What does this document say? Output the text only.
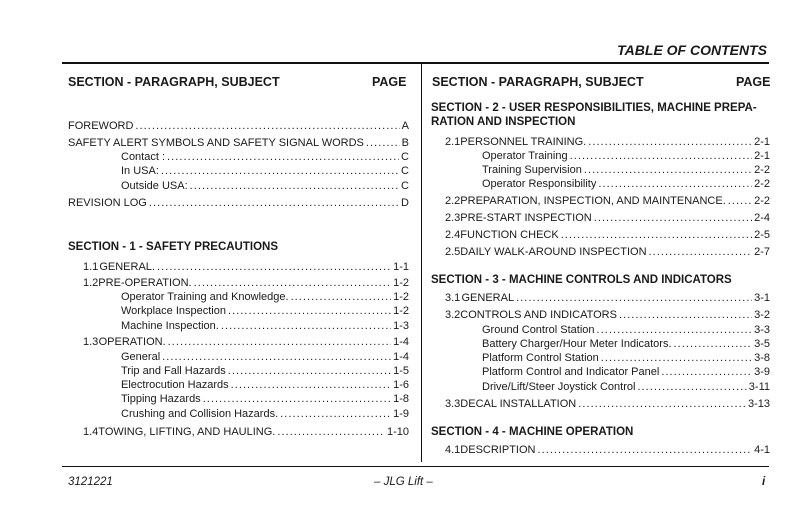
TABLE OF CONTENTS
SECTION - PARAGRAPH, SUBJECT	PAGE
FOREWORD . . .	A
SAFETY ALERT SYMBOLS AND SAFETY SIGNAL WORDS . . .	B
Contact : . . .	C
In USA: . . .	C
Outside USA: . . .	C
REVISION LOG . . .	D
SECTION - 1 - SAFETY PRECAUTIONS
1.1 GENERAL. . . .	1-1
1.2 PRE-OPERATION. . . .	1-2
Operator Training and Knowledge. . . .	1-2
Workplace Inspection . . .	1-2
Machine Inspection. . . .	1-3
1.3 OPERATION. . . .	1-4
General . . .	1-4
Trip and Fall Hazards . . .	1-5
Electrocution Hazards . . .	1-6
Tipping Hazards . . .	1-8
Crushing and Collision Hazards. . . .	1-9
1.4 TOWING, LIFTING, AND HAULING. . . .	1-10
SECTION - PARAGRAPH, SUBJECT	PAGE
SECTION - 2 - USER RESPONSIBILITIES, MACHINE PREPA-
RATION AND INSPECTION
2.1 PERSONNEL TRAINING. . . .	2-1
Operator Training . . .	2-1
Training Supervision . . .	2-2
Operator Responsibility . . .	2-2
2.2 PREPARATION, INSPECTION, AND MAINTENANCE. . . .	2-2
2.3 PRE-START INSPECTION . . .	2-4
2.4 FUNCTION CHECK . . .	2-5
2.5 DAILY WALK-AROUND INSPECTION . . .	2-7
SECTION - 3 - MACHINE CONTROLS AND INDICATORS
3.1 GENERAL . . .	3-1
3.2 CONTROLS AND INDICATORS . . .	3-2
Ground Control Station . . .	3-3
Battery Charger/Hour Meter Indicators. . . .	3-5
Platform Control Station . . .	3-8
Platform Control and Indicator Panel . . .	3-9
Drive/Lift/Steer Joystick Control . . .	3-11
3.3 DECAL INSTALLATION . . .	3-13
SECTION - 4 - MACHINE OPERATION
4.1 DESCRIPTION . . .	4-1
3121221	– JLG Lift –	i
